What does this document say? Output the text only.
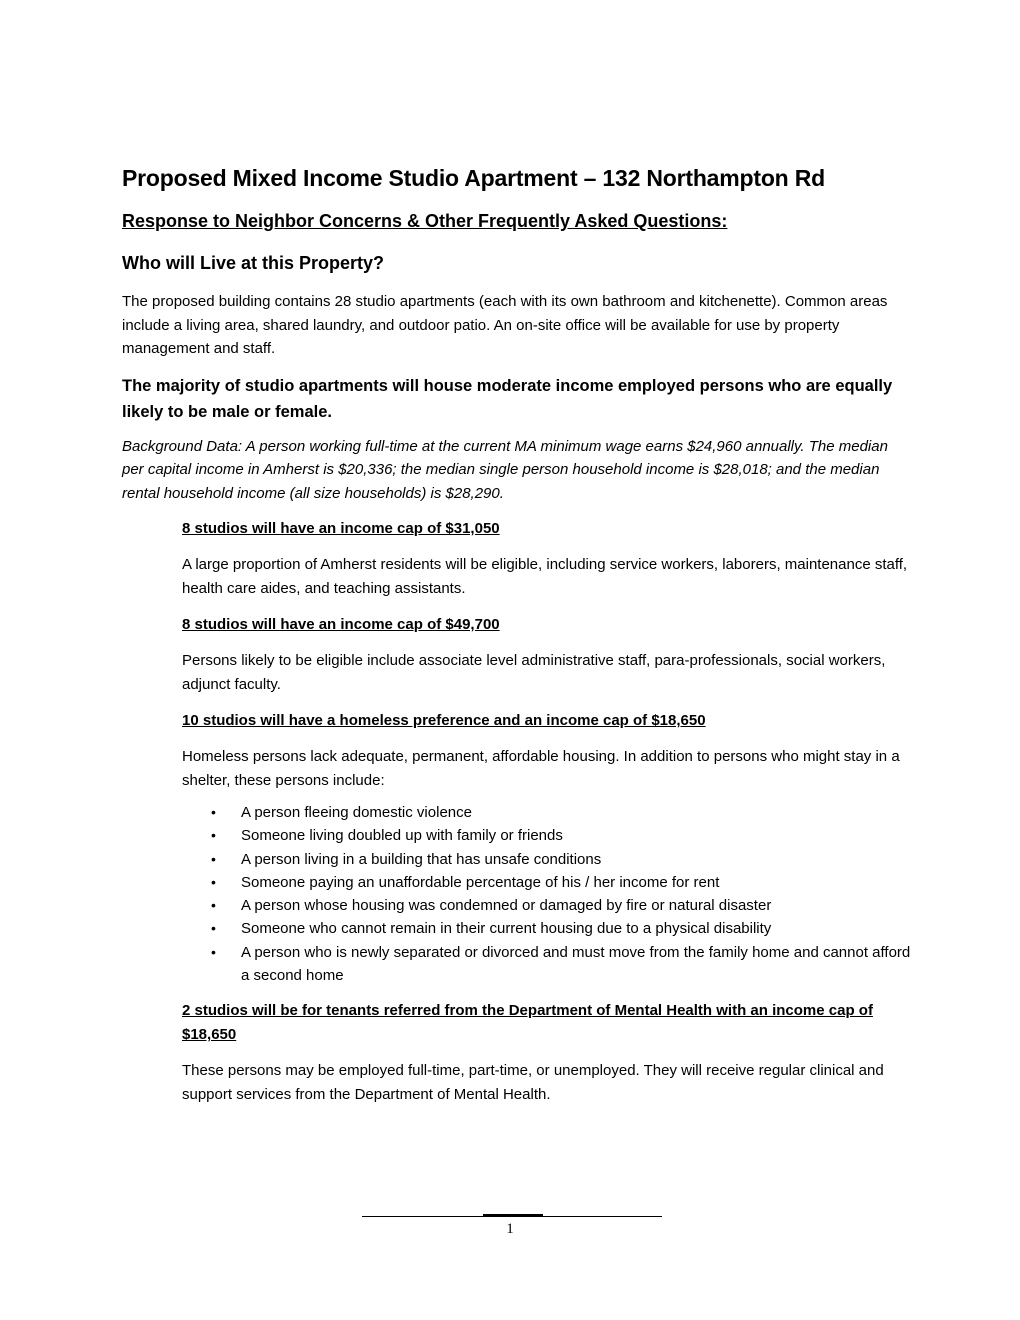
Proposed Mixed Income Studio Apartment – 132 Northampton Rd
Response to Neighbor Concerns & Other Frequently Asked Questions:
Who will Live at this Property?
The proposed building contains 28 studio apartments (each with its own bathroom and kitchenette). Common areas include a living area, shared laundry, and outdoor patio. An on-site office will be available for use by property management and staff.
The majority of studio apartments will house moderate income employed persons who are equally likely to be male or female.
Background Data: A person working full-time at the current MA minimum wage earns $24,960 annually. The median per capital income in Amherst is $20,336; the median single person household income is $28,018; and the median rental household income (all size households) is $28,290.
8 studios will have an income cap of $31,050
A large proportion of Amherst residents will be eligible, including service workers, laborers, maintenance staff, health care aides, and teaching assistants.
8 studios will have an income cap of $49,700
Persons likely to be eligible include associate level administrative staff, para-professionals, social workers, adjunct faculty.
10 studios will have a homeless preference and an income cap of $18,650
Homeless persons lack adequate, permanent, affordable housing. In addition to persons who might stay in a shelter, these persons include:
• A person fleeing domestic violence
• Someone living doubled up with family or friends
• A person living in a building that has unsafe conditions
• Someone paying an unaffordable percentage of his / her income for rent
• A person whose housing was condemned or damaged by fire or natural disaster
• Someone who cannot remain in their current housing due to a physical disability
• A person who is newly separated or divorced and must move from the family home and cannot afford a second home
2 studios will be for tenants referred from the Department of Mental Health with an income cap of $18,650
These persons may be employed full-time, part-time, or unemployed. They will receive regular clinical and support services from the Department of Mental Health.
1
